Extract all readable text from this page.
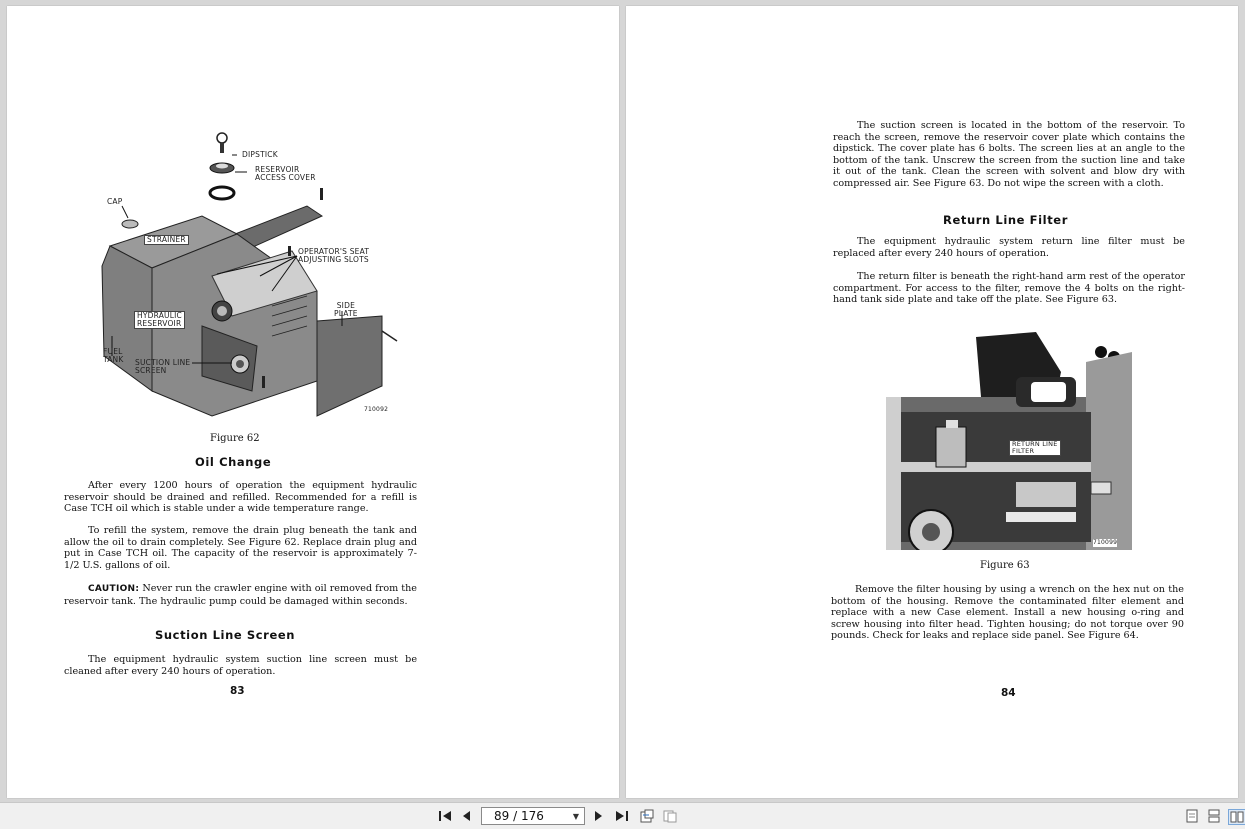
DIPSTICK
RESERVOIR
ACCESS COVER
CAP
STRAINER
OPERATOR'S SEAT
ADJUSTING SLOTS
SIDE
PLATE
HYDRAULIC
RESERVOIR
FUEL
TANK SUCTION LINE
SCREEN
710092
Figure 62
Oil Change
After every 1200 hours of operation the equipment hydraulic reservoir should be drained and refilled. Recommended for a refill is Case TCH oil which is stable under a wide temperature range.
To refill the system, remove the drain plug beneath the tank and allow the oil to drain completely. See Figure 62. Replace drain plug and put in Case TCH oil. The capacity of the reservoir is approximately 7-1/2 U.S. gallons of oil.
CAUTION: Never run the crawler engine with oil removed from the reservoir tank. The hydraulic pump could be damaged within seconds.
Suction Line Screen
The equipment hydraulic system suction line screen must be cleaned after every 240 hours of operation.
83
The suction screen is located in the bottom of the reservoir. To reach the screen, remove the reservoir cover plate which contains the dipstick. The cover plate has 6 bolts. The screen lies at an angle to the bottom of the tank. Unscrew the screen from the suction line and take it out of the tank. Clean the screen with solvent and blow dry with compressed air. See Figure 63. Do not wipe the screen with a cloth.
Return Line Filter
The equipment hydraulic system return line filter must be replaced after every 240 hours of operation.
The return filter is beneath the right-hand arm rest of the operator compartment. For access to the filter, remove the 4 bolts on the right-hand tank side plate and take off the plate. See Figure 63.
RETURN LINE
FILTER
710099
Figure 63
Remove the filter housing by using a wrench on the hex nut on the bottom of the housing. Remove the contaminated filter element and replace with a new Case element. Install a new housing o-ring and screw housing into filter head. Tighten housing; do not torque over 90 pounds. Check for leaks and replace side panel. See Figure 64.
84
89 / 176	▼
